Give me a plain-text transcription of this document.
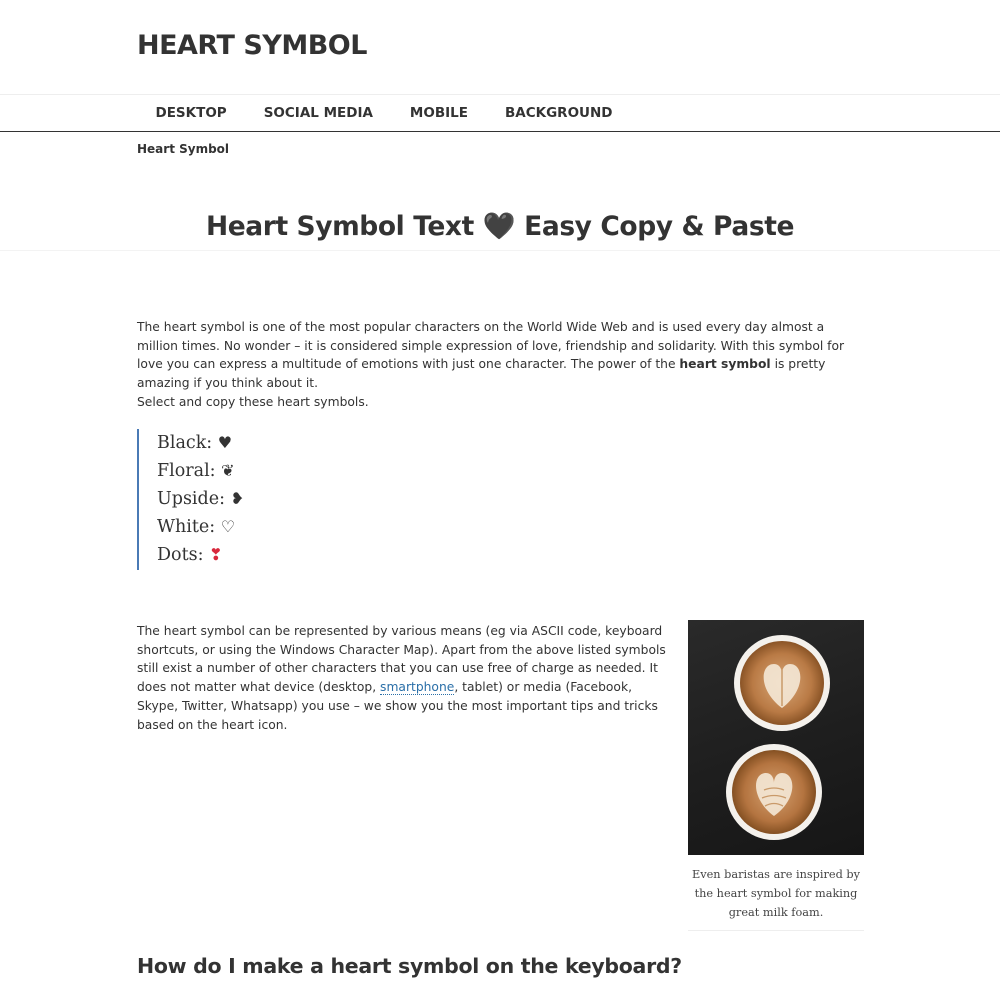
HEART SYMBOL
DESKTOP	SOCIAL MEDIA	MOBILE	BACKGROUND
Heart Symbol
Heart Symbol Text 🖤 Easy Copy & Paste

The heart symbol is one of the most popular characters on the World Wide Web and is used every day almost a million times. No wonder – it is considered simple expression of love, friendship and solidarity. With this symbol for love you can express a multitude of emotions with just one character. The power of the heart symbol is pretty amazing if you think about it.

Select and copy these heart symbols.

Black: ♥
Floral: ❦
Upside: ❥
White: ♡
Dots: ❣

The heart symbol can be represented by various means (eg via ASCII code, keyboard shortcuts, or using the Windows Character Map). Apart from the above listed symbols still exist a number of other characters that you can use free of charge as needed. It does not matter what device (desktop, smartphone, tablet) or media (Facebook, Skype, Twitter, Whatsapp) you use – we show you the most important tips and tricks based on the heart icon.

Even baristas are inspired by the heart symbol for making great milk foam.
How do I make a heart symbol on the keyboard?
